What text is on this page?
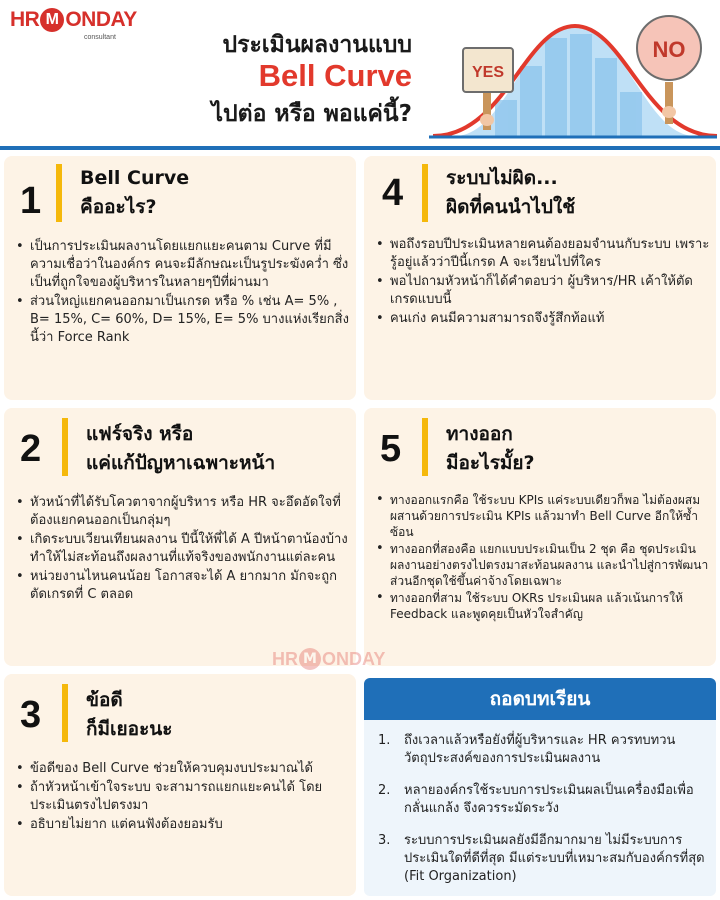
HR M ONDAY
consultant	ประเมินผลงานแบบ
Bell Curve
ไปต่อ หรือ พอแค่นี้?
YES
NO
1
Bell Curve
คืออะไร?
• เป็นการประเมินผลงานโดยแยกแยะคนตาม Curve ที่มีความเชื่อว่าในองค์กร คนจะมีลักษณะเป็นรูประฆังคว่ำ ซึ่งเป็นที่ถูกใจของผู้บริหารในหลายๆปีที่ผ่านมา
• ส่วนใหญ่แยกคนออกมาเป็นเกรด หรือ % เช่น A= 5% , B= 15%, C= 60%, D= 15%, E= 5% บางแห่งเรียกสิ่งนี้ว่า Force Rank
4 ระบบไม่ผิด...
ผิดที่คนนำไปใช้
• พอถึงรอบปีประเมินหลายคนต้องยอมจำนนกับระบบ เพราะรู้อยู่แล้วว่าปีนี้เกรด A จะเวียนไปที่ใคร
• พอไปถามหัวหน้าก็ได้คำตอบว่า ผู้บริหาร/HR เค้าให้ตัดเกรดแบบนี้
• คนเก่ง คนมีความสามารถจึงรู้สึกท้อแท้
2 แฟร์จริง หรือ
แค่แก้ปัญหาเฉพาะหน้า
• หัวหน้าที่ได้รับโควตาจากผู้บริหาร หรือ HR จะอึดอัดใจที่ต้องแยกคนออกเป็นกลุ่มๆ
• เกิดระบบเวียนเทียนผลงาน ปีนี้ให้พี่ได้ A ปีหน้าตาน้องบ้าง ทำให้ไม่สะท้อนถึงผลงานที่แท้จริงของพนักงานแต่ละคน
• หน่วยงานไหนคนน้อย โอกาสจะได้ A ยากมาก มักจะถูกตัดเกรดที่ C ตลอด
5 ทางออก
มีอะไรมั้ย?
• ทางออกแรกคือ ใช้ระบบ KPIs แค่ระบบเดียวก็พอ ไม่ต้องผสมผสานด้วยการประเมิน KPIs แล้วมาทำ Bell Curve อีกให้ซ้ำซ้อน
• ทางออกที่สองคือ แยกแบบประเมินเป็น 2 ชุด คือ ชุดประเมินผลงานอย่างตรงไปตรงมาสะท้อนผลงาน และนำไปสู่การพัฒนา ส่วนอีกชุดใช้ขึ้นค่าจ้างโดยเฉพาะ
• ทางออกที่สาม ใช้ระบบ OKRs ประเมินผล แล้วเน้นการให้ Feedback และพูดคุยเป็นหัวใจสำคัญ
3 ข้อดี
ก็มีเยอะนะ
• ข้อดีของ Bell Curve ช่วยให้ควบคุมงบประมาณได้
• ถ้าหัวหน้าเข้าใจระบบ จะสามารถแยกแยะคนได้ โดยประเมินตรงไปตรงมา
• อธิบายไม่ยาก แต่คนฟังต้องยอมรับ
ถอดบทเรียน
1.	ถึงเวลาแล้วหรือยังที่ผู้บริหารและ HR ควรทบทวนวัตถุประสงค์ของการประเมินผลงาน
2.	หลายองค์กรใช้ระบบการประเมินผลเป็นเครื่องมือเพื่อกลั่นแกล้ง จึงควรระมัดระวัง
3.	ระบบการประเมินผลยังมีอีกมากมาย ไม่มีระบบการประเมินใดที่ดีที่สุด มีแต่ระบบที่เหมาะสมกับองค์กรที่สุด (Fit Organization)
HR M ONDAY
